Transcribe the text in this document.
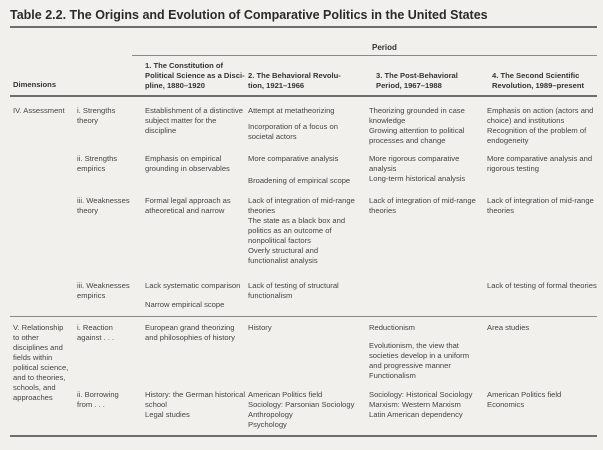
Table 2.2. The Origins and Evolution of Comparative Politics in the United States
Period
Dimensions
1. The Constitution of
Political Science as a Disci-
pline, 1880–1920
2. The Behavioral Revolu-
tion, 1921–1966
3. The Post-Behavioral
Period, 1967–1988
4. The Second Scientific
Revolution, 1989–present
IV. Assessment i. Strengths
theory
Establishment of a distinctive
subject matter for the
discipline
Attempt at metatheorizing
Incorporation of a focus on
societal actors
Theorizing grounded in case
knowledge
Growing attention to political
processes and change
Emphasis on action (actors and
choice) and institutions
Recognition of the problem of
endogeneity
ii. Strengths
empirics
Emphasis on empirical
grounding in observables
More comparative analysis
Broadening of empirical scope
More rigorous comparative
analysis
Long-term historical analysis
More comparative analysis and
rigorous testing
iii. Weaknesses
theory
Formal legal approach as
atheoretical and narrow
Lack of integration of mid-range
theories
The state as a black box and
politics as an outcome of
nonpolitical factors
Overly structural and
functionalist analysis
Lack of integration of mid-range
theories
Lack of integration of mid-range
theories
iii. Weaknesses
empirics
Lack systematic comparison
Narrow empirical scope
Lack of testing of structural
functionalism
Lack of testing of formal theories
V. Relationship
to other
disciplines and
fields within
political science,
and to theories,
schools, and
approaches
i. Reaction
against . . .
European grand theorizing
and philosophies of history
History	Reductionism
Evolutionism, the view that
societies develop in a uniform
and progressive manner
Functionalism
Area studies
ii. Borrowing
from . . .
History: the German historical
school
Legal studies
American Politics field
Sociology: Parsonian Sociology
Anthropology
Psychology
Sociology: Historical Sociology
Marxism: Western Marxism
Latin American dependency
American Politics field
Economics
